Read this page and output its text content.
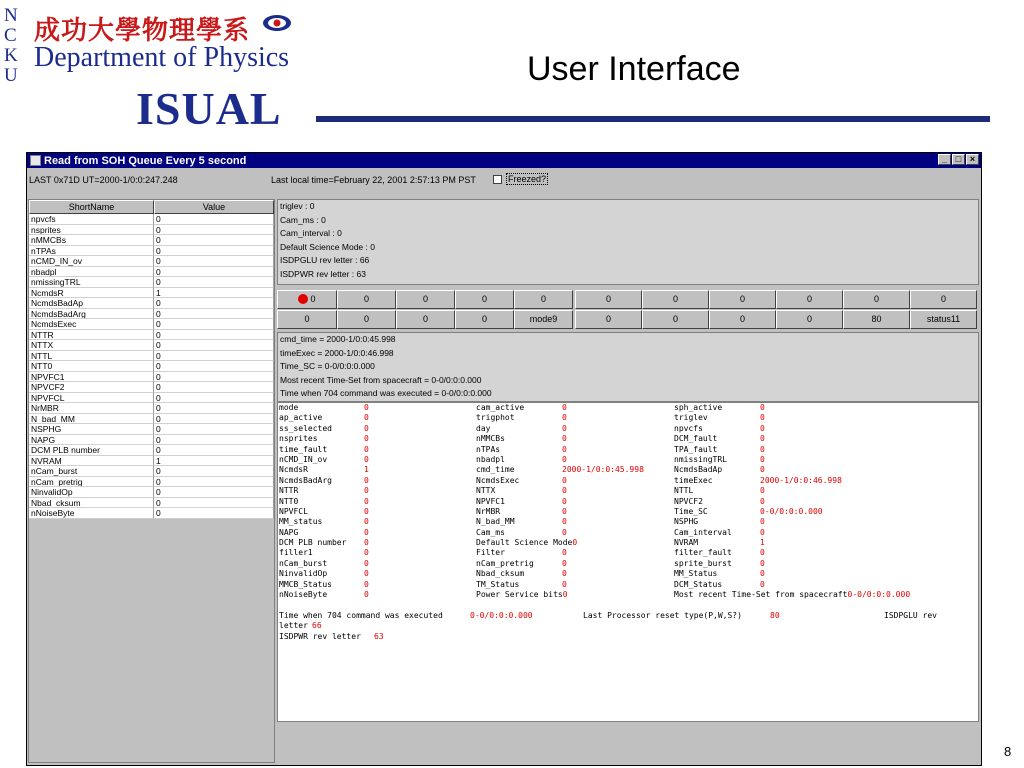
N C K U
成功大學物理學系
Department of Physics
ISUAL
User Interface
8
Read from SOH Queue Every 5 second	_ □ ×
LAST 0x71D UT=2000-1/0:0:247.248	Last local time=February 22, 2001 2:57:13 PM PST	Freezed?
ShortName	Value
npvcfs	0
nsprites	0
nMMCBs	0
nTPAs	0
nCMD_IN_ov	0
nbadpl	0
nmissingTRL	0
NcmdsR	1
NcmdsBadAp	0
NcmdsBadArg	0
NcmdsExec	0
NTTR	0
NTTX	0
NTTL	0
NTT0	0
NPVFC1	0
NPVCF2	0
NPVFCL	0
NrMBR	0
N_bad_MM	0
NSPHG	0
NAPG	0
DCM PLB number	0
NVRAM	1
nCam_burst	0
nCam_pretrig	0
NinvalidOp	0
Nbad_cksum	0
nNoiseByte	0
triglev : 0
Cam_ms : 0
Cam_interval : 0
Default Science Mode : 0
ISDPGLU rev letter : 66
ISDPWR rev letter : 63
0	0	0	0	0	0	0	0	0	0	0
0	0	0	0	mode9	0	0	0	0	80	status11
cmd_time = 2000-1/0:0:45.998
timeExec = 2000-1/0:0:46.998
Time_SC = 0-0/0:0:0.000
Most recent Time-Set from spacecraft = 0-0/0:0:0.000
Time when 704 command was executed = 0-0/0:0:0.000
mode	0	cam_active	0	sph_active	0
ap_active	0	trigphot	0	triglev	0
ss_selected	0	day	0	npvcfs	0
nsprites	0	nMMCBs	0	DCM_fault	0
time_fault	0	nTPAs	0	TPA_fault	0
nCMD_IN_ov	0	nbadpl	0	nmissingTRL	0
NcmdsR	1	cmd_time	2000-1/0:0:45.998	NcmdsBadAp	0
NcmdsBadArg	0	NcmdsExec	0	timeExec	2000-1/0:0:46.998
NTTR	0	NTTX	0	NTTL	0
NTT0	0	NPVFC1	0	NPVCF2	0
NPVFCL	0	NrMBR	0	Time_SC	0-0/0:0:0.000
MM_status	0	N_bad_MM	0	NSPHG	0
NAPG	0	Cam_ms	0	Cam_interval	0
DCM PLB number 0	Default Science Mode 0	NVRAM	1
filler1	0	Filter	0	filter_fault	0
nCam_burst	0	nCam_pretrig	0	sprite_burst	0
NinvalidOp	0	Nbad_cksum	0	MM_Status	0
MMCB_Status	0	TM_Status	0	DCM_Status	0
nNoiseByte	0	Power Service bits 0	Most recent Time-Set from spacecraft 0-0/0:0:0.000
Time when 704 command was executed	0-0/0:0:0.000	Last Processor reset type(P,W,S?)	80	ISDPGLU rev
letter 66
ISDPWR rev letter 63
